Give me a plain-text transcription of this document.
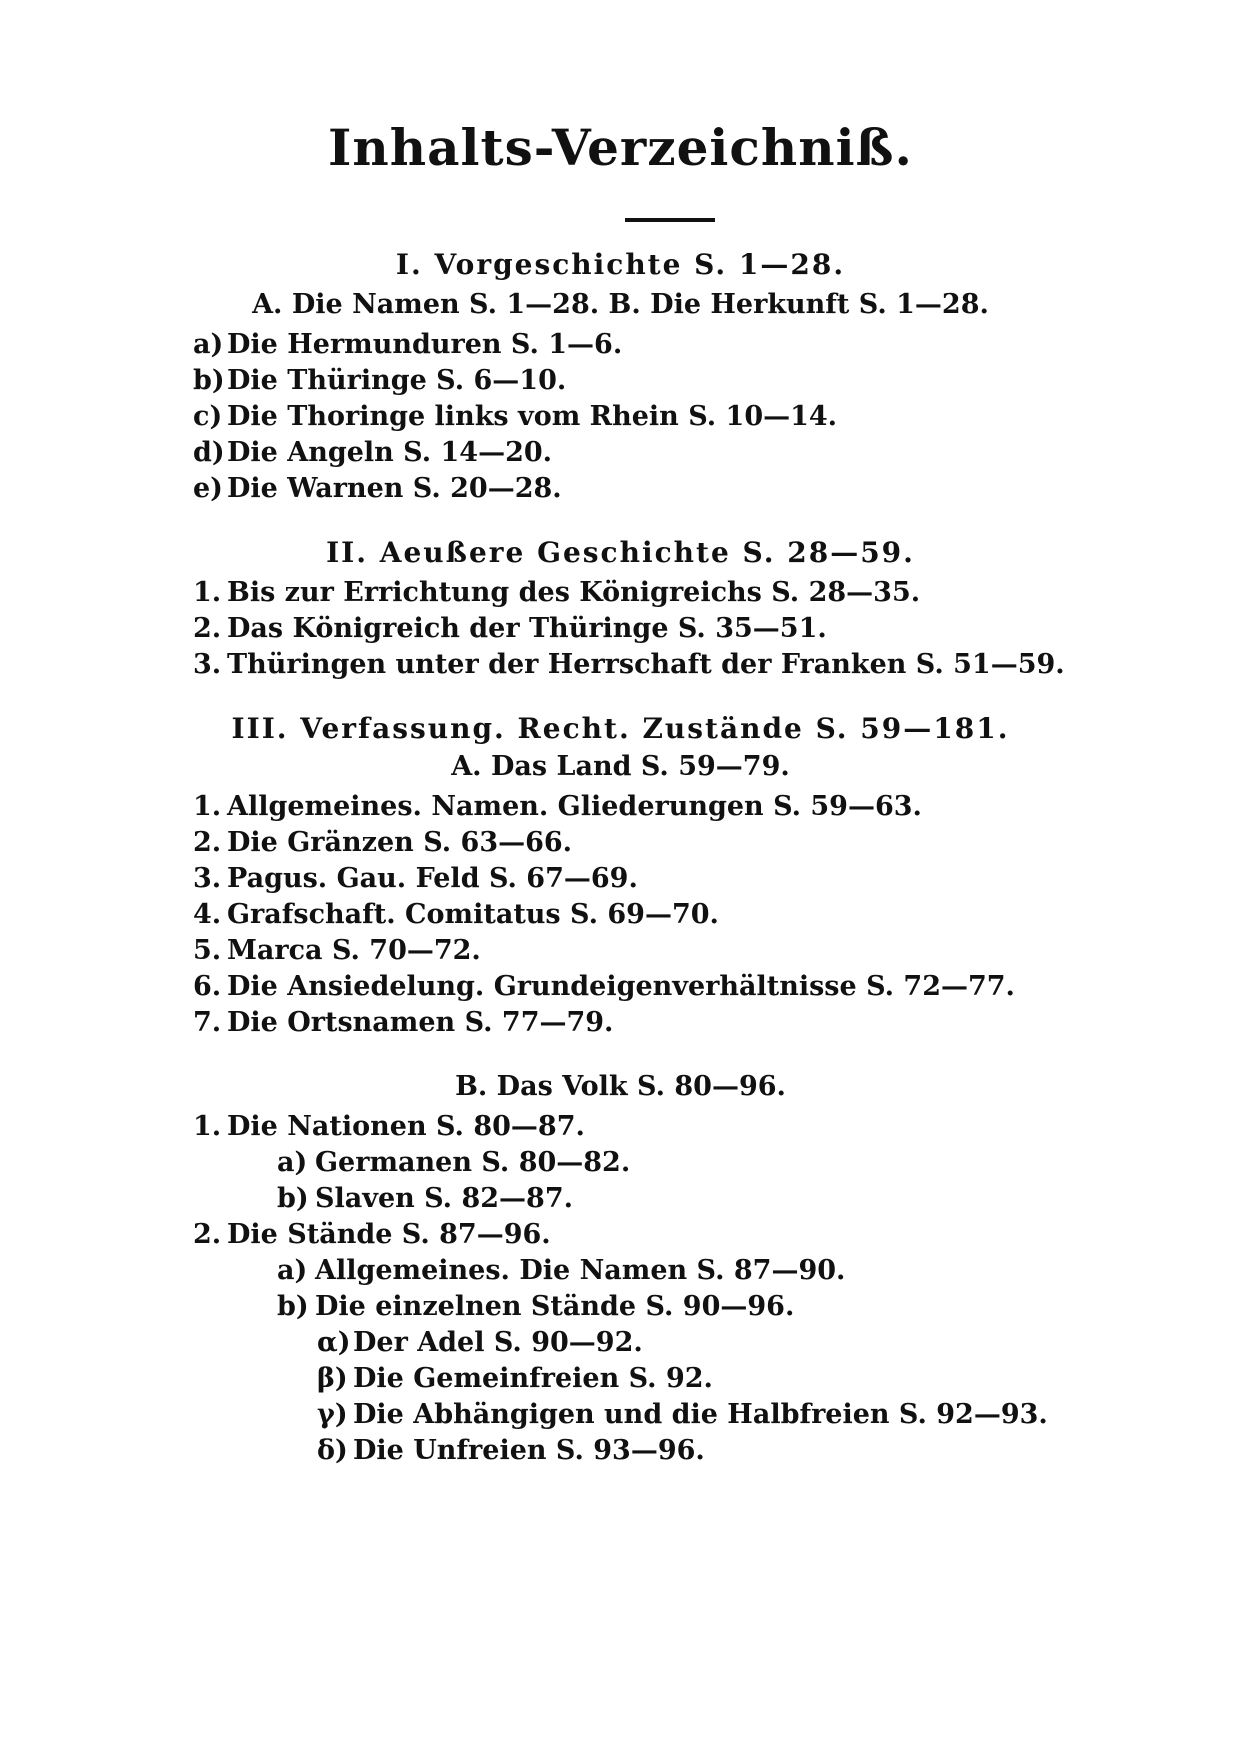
Inhalts-Verzeichniß.
I. Vorgeschichte S. 1—28.
A. Die Namen S. 1—28. B. Die Herkunft S. 1—28.
a) Die Hermunduren S. 1—6.
b)Die Thüringe S. 6—10.
c) Die Thoringe links vom Rhein S. 10—14.
d)Die Angeln S. 14—20.
e) Die Warnen S. 20—28.
II. Aeußere Geschichte S. 28—59.
1. Bis zur Errichtung des Königreichs S. 28—35.
2. Das Königreich der Thüringe S. 35—51.
3. Thüringen unter der Herrschaft der Franken S. 51—59.
III. Verfassung. Recht. Zustände S. 59—181.
A. Das Land S. 59—79.
1. Allgemeines. Namen. Gliederungen S. 59—63.
2. Die Gränzen S. 63—66.
3. Pagus. Gau. Feld S. 67—69.
4. Grafschaft. Comitatus S. 69—70.
5. Marca S. 70—72.
6. Die Ansiedelung. Grundeigenverhältnisse S. 72—77.
7. Die Ortsnamen S. 77—79.
B. Das Volk S. 80—96.
1. Die Nationen S. 80—87.
a) Germanen S. 80—82.
b) Slaven S. 82—87.
2. Die Stände S. 87—96.
a) Allgemeines. Die Namen S. 87—90.
b) Die einzelnen Stände S. 90—96.
α)Der Adel S. 90—92.
β) Die Gemeinfreien S. 92.
γ) Die Abhängigen und die Halbfreien S. 92—93.
δ) Die Unfreien S. 93—96.
